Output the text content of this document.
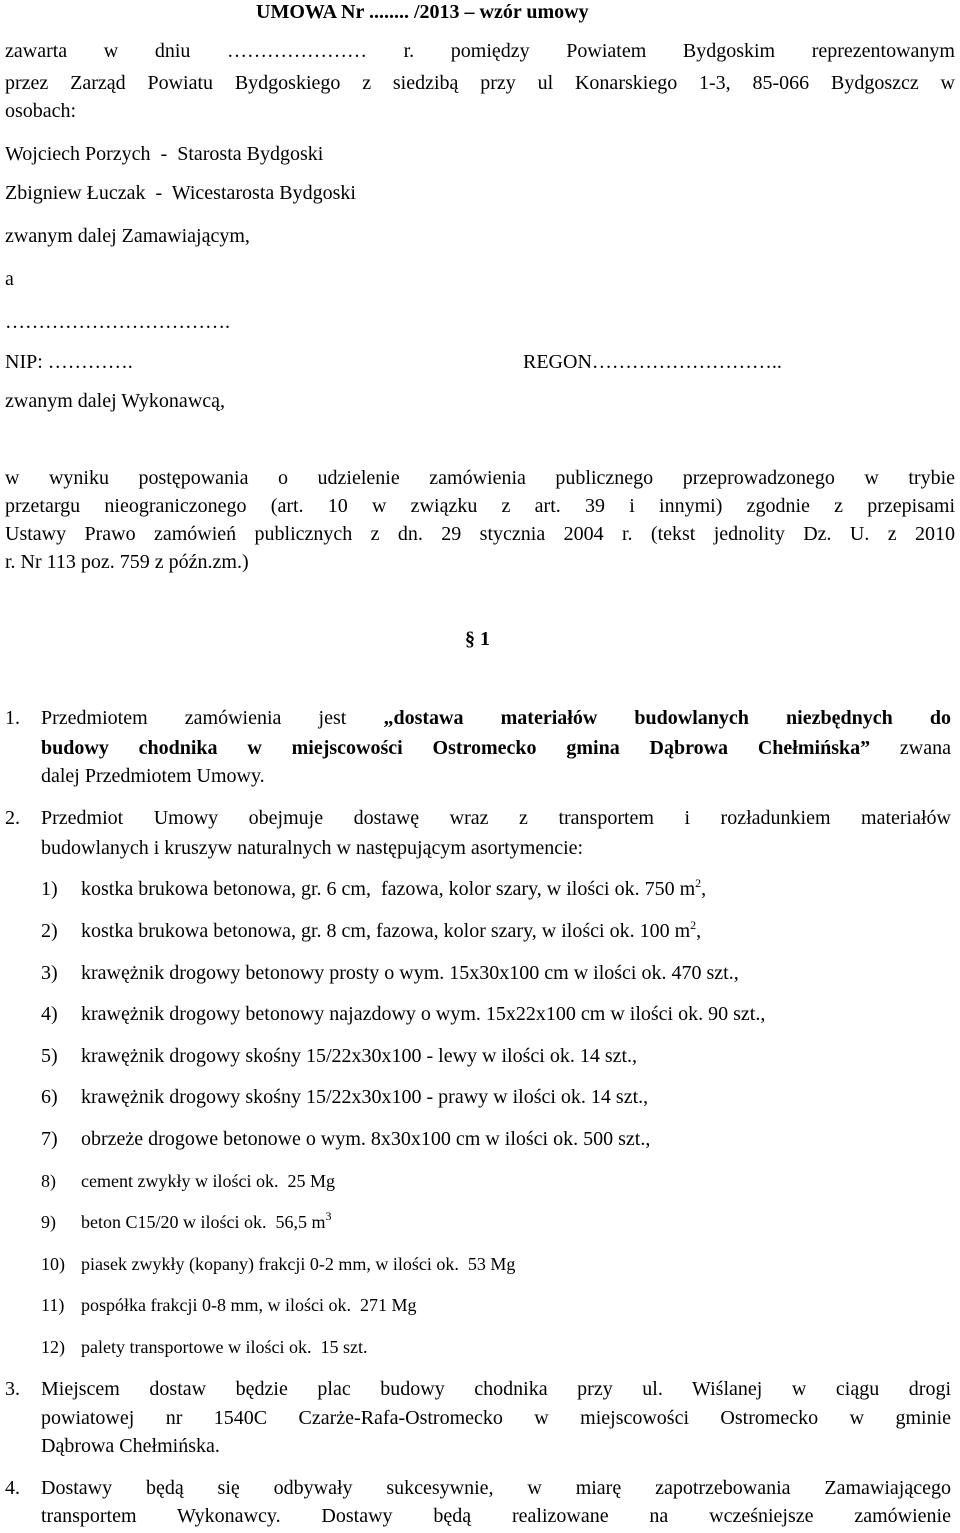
UMOWA Nr ........ /2013 – wzór umowy
zawarta w dniu ………………… r. pomiędzy Powiatem Bydgoskim reprezentowanym
przez Zarząd Powiatu Bydgoskiego z siedzibą przy ul Konarskiego 1-3, 85-066 Bydgoszcz w
osobach:
Wojciech Porzych  -  Starosta Bydgoski
Zbigniew Łuczak  -  Wicestarosta Bydgoski
zwanym dalej Zamawiającym,
a
…………………………….
NIP: ………….	REGON………………………..
zwanym dalej Wykonawcą,
w wyniku postępowania o udzielenie zamówienia publicznego przeprowadzonego w trybie
przetargu nieograniczonego (art. 10 w związku z art. 39 i innymi) zgodnie z przepisami
Ustawy Prawo zamówień publicznych z dn. 29 stycznia 2004 r. (tekst jednolity Dz. U. z 2010
r. Nr 113 poz. 759 z późn.zm.)
§ 1
1. Przedmiotem zamówienia jest „dostawa materiałów budowlanych niezbędnych do
budowy chodnika w miejscowości Ostromecko gmina Dąbrowa Chełmińska” zwana
dalej Przedmiotem Umowy.
2. Przedmiot Umowy obejmuje dostawę wraz z transportem i rozładunkiem materiałów
budowlanych i kruszyw naturalnych w następującym asortymencie:
1) kostka brukowa betonowa, gr. 6 cm,  fazowa, kolor szary, w ilości ok. 750 $m^2$,
2) kostka brukowa betonowa, gr. 8 cm, fazowa, kolor szary, w ilości ok. 100 $m^2$,
3) krawężnik drogowy betonowy prosty o wym. 15x30x100 cm w ilości ok. 470 szt.,
4) krawężnik drogowy betonowy najazdowy o wym. 15x22x100 cm w ilości ok. 90 szt.,
5) krawężnik drogowy skośny 15/22x30x100 - lewy w ilości ok. 14 szt.,
6) krawężnik drogowy skośny 15/22x30x100 - prawy w ilości ok. 14 szt.,
7) obrzeże drogowe betonowe o wym. 8x30x100 cm w ilości ok. 500 szt.,
8) cement zwykły w ilości ok.  25 Mg
9) beton C15/20 w ilości ok.  56,5 $m^3$
10) piasek zwykły (kopany) frakcji 0-2 mm, w ilości ok.  53 Mg
11) pospółka frakcji 0-8 mm, w ilości ok.  271 Mg
12) palety transportowe w ilości ok.  15 szt.
3. Miejscem dostaw będzie plac budowy chodnika przy ul. Wiślanej w ciągu drogi
powiatowej nr 1540C Czarże-Rafa-Ostromecko w miejscowości Ostromecko w gminie
Dąbrowa Chełmińska.
4. Dostawy będą się odbywały sukcesywnie, w miarę zapotrzebowania Zamawiającego
transportem Wykonawcy. Dostawy będą realizowane na wcześniejsze zamówienie
